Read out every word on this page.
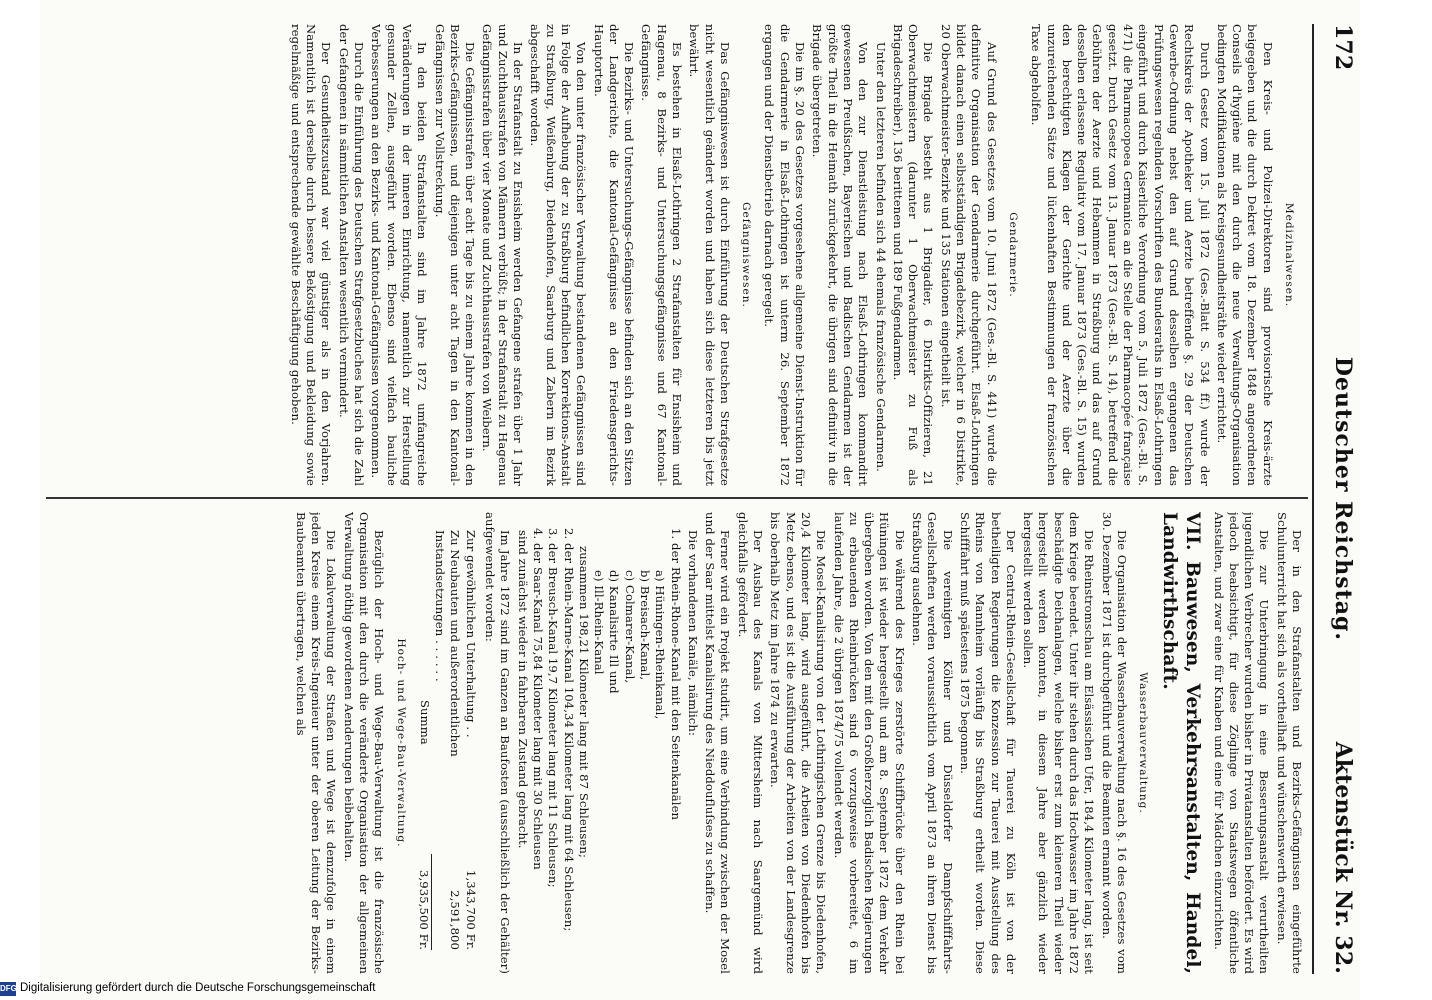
172
Deutscher Reichstag.
Aktenstück Nr. 32.

Medizinalwesen.

Den Kreis- und Polizei-Direktoren sind provisorische Kreis-ärzte beigegeben und die durch Dekret vom 18. Dezember 1848 angeordneten Conseils d'hygiène mit den durch die neue Verwaltungs-Organisation bedingten Modifikationen als Kreisgesundheitsräthe wieder errichtet.

Durch Gesetz vom 15. Juli 1872 (Ges.-Blatt S. 534 ff.) wurde der Rechtskreis der Apotheker und Aerzte betreffende §. 29 der Deutschen Gewerbe-Ordnung nebst den auf Grund desselben ergangenen das Prüfungswesen regelnden Vorschriften des Bundesraths in Elsaß-Lothringen eingeführt und durch Kaiserliche Verordnung vom 5. Juli 1872 (Ges.-Bl. S. 471) die Pharmacopoea Germanica an die Stelle der Pharmacopée française gesetzt. Durch Gesetz vom 13. Januar 1873 (Ges.-Bl. S. 14), betreffend die Gebühren der Aerzte und Hebammen in Straßburg und das auf Grund desselben erlassene Regulativ vom 17. Januar 1873 (Ges.-Bl. S. 15) wurden den berechtigten Klagen der Gerichte und der Aerzte über die unzureichenden Sätze und lückenhaften Bestimmungen der französischen Taxe abgeholfen.

Gendarmerie.

Auf Grund des Gesetzes vom 10. Juni 1872 (Ges.-Bl. S. 441) wurde die definitive Organisation der Gendarmerie durchgeführt. Elsaß-Lothringen bildet danach einen selbstständigen Brigadebezirk, welcher in 6 Distrikte, 20 Oberwachtmeister-Bezirke und 135 Stationen eingetheilt ist.

Die Brigade besteht aus 1 Brigadier, 6 Distrikts-Offizieren, 21 Oberwachtmeistern (darunter 1 Oberwachtmeister zu Fuß als Brigadeschreiber), 136 berittenen und 189 Fußgendarmen.

Unter den letzteren befinden sich 44 ehemals französische Gendarmen.

Von den zur Dienstleistung nach Elsaß-Lothringen kommandirt gewesenen Preußischen, Bayerischen und Badischen Gendarmen ist der größte Theil in die Heimath zurückgekehrt, die übrigen sind definitiv in die Brigade übergetreten.

Die im §. 20 des Gesetzes vorgesehene allgemeine Dienst-Instruktion für die Gendarmerie in Elsaß-Lothringen ist unterm 26. September 1872 ergangen und der Dienstbetrieb darnach geregelt.

Gefängniswesen.

Das Gefängniswesen ist durch Einführung der Deutschen Strafgesetze nicht wesentlich geändert worden und haben sich diese letzteren bis jetzt bewährt.

Es bestehen in Elsaß-Lothringen 2 Strafanstalten für Ensisheim und Hagenau, 8 Bezirks- und Untersuchungsgefängnisse und 67 Kantonal-Gefängnisse.

Die Bezirks- und Untersuchungs-Gefängnisse befinden sich an den Sitzen der Landgerichte, die Kantonal-Gefängnisse an den Friedensgerichts-Hauptorten.

Von den unter französischer Verwaltung bestandenen Gefängnissen sind in Folge der Aufhebung der zu Straßburg befindlichen Korrektions-Anstalt zu Straßburg, Weißenburg, Diedenhofen, Saarburg und Zabern im Bezirk abgeschafft worden.

In der Strafanstalt zu Ensisheim werden Gefangene strafen über 1 Jahr und Zuchthausstrafen von Männern verbüßt; in der Strafanstalt zu Hagenau Gefängnisstrafen über vier Monate und Zuchthausstrafen von Weibern.

Die Gefängnisstrafen über acht Tage bis zu einem Jahre kommen in den Bezirks-Gefängnissen, und diejenigen unter acht Tagen in den Kantonal-Gefängnissen zur Vollstreckung.

In den beiden Strafanstalten sind im Jahre 1872 umfangreiche Veränderungen in der inneren Einrichtung, namentlich zur Herstellung gesunder Zellen, ausgeführt worden. Ebenso sind vielfach bauliche Verbesserungen an den Bezirks- und Kantonal-Gefängnissen vorgenommen.

Durch die Einführung des Deutschen Strafgesetzbuches hat sich die Zahl der Gefangenen in sämmtlichen Anstalten wesentlich vermindert.

Der Gesundheitszustand war viel günstiger als in den Vorjahren. Namentlich ist derselbe durch bessere Beköstigung und Bekleidung sowie regelmäßige und entsprechende gewählte Beschäftigung gehoben.

Der in den Strafanstalten und Bezirks-Gefängnissen eingeführte Schulunterricht hat sich als vortheilhaft und wünschenswerth erwiesen.

Die zur Unterbringung in eine Besserungsanstalt verurtheilten jugendlichen Verbrecher wurden bisher in Privatanstalten befördert. Es wird jedoch beabsichtigt, für diese Zöglinge von Staatswegen öffentliche Anstalten, und zwar eine für Knaben und eine für Mädchen einzurichten.

VII. Bauwesen, Verkehrsanstalten, Handel, Landwirthschaft.

Wasserbauverwaltung.

Die Organisation der Wasserbauverwaltung nach §. 16 des Gesetzes vom 30. Dezember 1871 ist durchgeführt und die Beamten ernannt worden.

Die Rheinstromschau am Elsässischen Ufer, 184,4 Kilometer lang, ist seit dem Kriege beendet. Unter ihr stehen durch das Hochwasser im Jahre 1872 beschädigte Deichanlagen, welche bisher erst zum kleineren Theil wieder hergestellt werden konnten, in diesem Jahre aber gänzlich wieder hergestellt werden sollen.

Der Central-Rhein-Gesellschaft für Tauerei zu Köln ist von der betheiligten Regierungen die Konzession zur Tauerei mit Ausstellung des Rheins von Mannheim vorläufig bis Straßburg ertheilt worden. Diese Schifffahrt muß spätestens 1875 begonnen.

Die vereinigten Kölner und Düsseldorfer Dampfschifffahrts-Gesellschaften werden voraussichtlich vom April 1873 an ihren Dienst bis Straßburg ausdehnen.

Die während des Krieges zerstörte Schiffbrücke über den Rhein bei Hüningen ist wieder hergestellt und am 8. September 1872 dem Verkehr übergeben worden. Von den mit den Großherzoglich Badischen Regierungen zu erbauenden Rheinbrücken sind 6 vorzugsweise vorbereitet, 6 im laufenden Jahre, die 2 übrigen 1874/75 vollendet werden.

Die Mosel-Kanalisirung von der Lothringischen Grenze bis Diedenhofen, 20,4 Kilometer lang, wird ausgeführt, die Arbeiten von Diedenhofen bis Metz ebenso, und es ist die Ausführung der Arbeiten von der Landesgrenze bis oberhalb Metz im Jahre 1874 zu erwarten.

Der Ausbau des Kanals von Mittersheim nach Saargemünd wird gleichfalls gefördert.

Ferner wird ein Projekt studirt, um eine Verbindung zwischen der Mosel und der Saar mittelst Kanalisirung des Nieddoufluſses zu schaffen.

Die vorhandenen Kanäle, nämlich:

1. der Rhein-Rhone-Kanal mit den Seitenkanälen
a) Hüningen-Rheinkanal,
b) Breisach-Kanal,
c) Colmarer-Kanal,
d) Kanalisirte Ill und
e) Ill-Rhein-Kanal
zusammen 198,21 Kilometer lang mit 87 Schleusen;
2. der Rhein-Marne-Kanal 104,34 Kilometer lang mit 64 Schleusen;
3. der Breusch-Kanal 19,7 Kilometer lang mit 11 Schleusen;
4. der Saar-Kanal 75,84 Kilometer lang mit 30 Schleusen

sind zunächst wieder in fahrbaren Zustand gebracht.

Im Jahre 1872 sind im Ganzen an Baufosten (ausschließlich der Gehälter) aufgewendet worden:

Zur gewöhnlichen Unterhaltung . .
1,343,700 Fr.
Zu Neubauten und außerordentlichen Instandsetzungen . . . . . .
2,591,800
Summa
3,935,500 Fr.

Hoch- und Wege-Bau-Verwaltung.

Bezüglich der Hoch- und Wege-Bau-Verwaltung ist die französische Organisation mit den durch die veränderte Organisation der allgemeinen Verwaltung nöthig gewordenen Aenderungen beibehalten.

Die Lokalverwaltung der Straßen und Wege ist demzufolge in einem jeden Kreise einem Kreis-Ingenieur unter der oberen Leitung der Bezirks-Baubeamten übertragen, welchen als

DFG Digitalisierung gefördert durch die Deutsche Forschungsgemeinschaft
